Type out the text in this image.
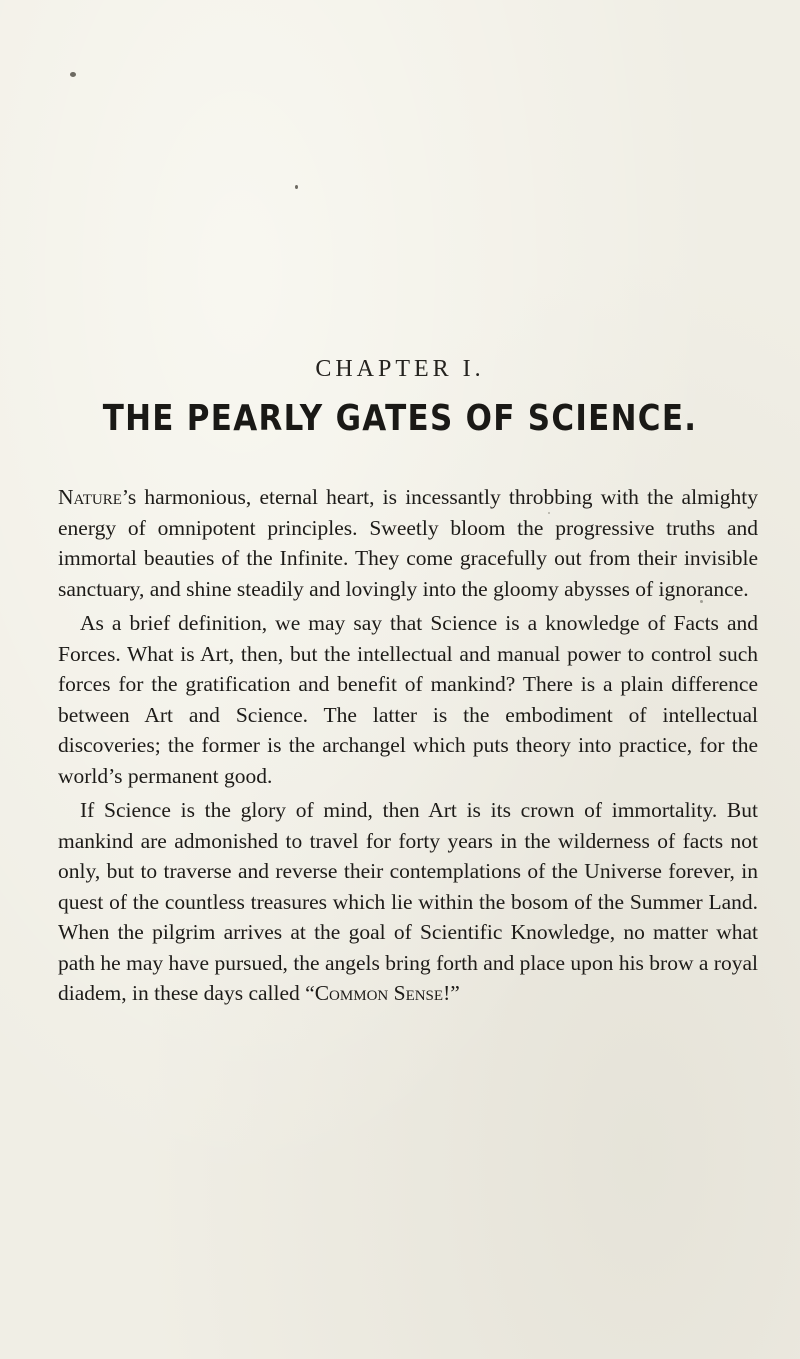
CHAPTER I.
THE PEARLY GATES OF SCIENCE.

Nature’s harmonious, eternal heart, is incessantly throbbing with the almighty energy of omnipotent principles. Sweetly bloom the progressive truths and immortal beauties of the Infinite. They come gracefully out from their invisible sanctuary, and shine steadily and lovingly into the gloomy abysses of ignorance.

As a brief definition, we may say that Science is a knowledge of Facts and Forces. What is Art, then, but the intellectual and manual power to control such forces for the gratification and benefit of mankind? There is a plain difference between Art and Science. The latter is the embodiment of intellectual discoveries; the former is the archangel which puts theory into practice, for the world’s permanent good.

If Science is the glory of mind, then Art is its crown of immortality. But mankind are admonished to travel for forty years in the wilderness of facts not only, but to traverse and reverse their contemplations of the Universe forever, in quest of the countless treasures which lie within the bosom of the Summer Land. When the pilgrim arrives at the goal of Scientific Knowledge, no matter what path he may have pursued, the angels bring forth and place upon his brow a royal diadem, in these days called “Common Sense!”
